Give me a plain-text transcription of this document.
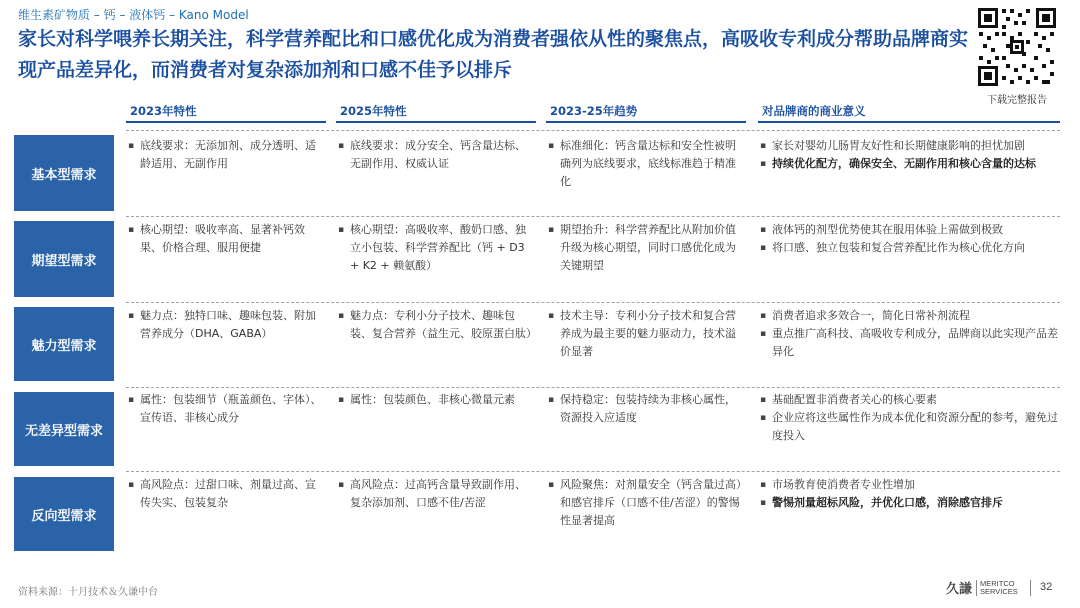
维生素矿物质 – 钙 – 液体钙 – Kano Model
家长对科学喂养长期关注，科学营养配比和口感优化成为消费者强依从性的聚焦点，高吸收专利成分帮助品牌商实现产品差异化，而消费者对复杂添加剂和口感不佳予以排斥
下载完整报告
2023年特性	2025年特性	2023-25年趋势	对品牌商的商业意义
基本型需求
▪ 底线要求：无添加剂、成分透明、适龄适用、无副作用
▪ 底线要求：成分安全、钙含量达标、无副作用、权威认证
▪ 标准细化：钙含量达标和安全性被明确列为底线要求，底线标准趋于精准化
▪ 家长对婴幼儿肠胃友好性和长期健康影响的担忧加剧
▪ 持续优化配方，确保安全、无副作用和核心含量的达标
期望型需求
▪ 核心期望：吸收率高、显著补钙效果、价格合理、服用便捷
▪ 核心期望：高吸收率、酸奶口感、独立小包装、科学营养配比（钙 + D3 + K2 + 赖氨酸）
▪ 期望抬升：科学营养配比从附加价值升级为核心期望，同时口感优化成为关键期望
▪ 液体钙的剂型优势使其在服用体验上需做到极致
▪ 将口感、独立包装和复合营养配比作为核心优化方向
魅力型需求
▪ 魅力点：独特口味、趣味包装、附加营养成分（DHA、GABA）
▪ 魅力点：专利小分子技术、趣味包装、复合营养（益生元、胶原蛋白肽）
▪ 技术主导：专利小分子技术和复合营养成为最主要的魅力驱动力，技术溢价显著
▪ 消费者追求多效合一，简化日常补剂流程
▪ 重点推广高科技、高吸收专利成分，品牌商以此实现产品差异化
无差异型需求
▪ 属性：包装细节（瓶盖颜色、字体）、宣传语、非核心成分
▪ 属性：包装颜色、非核心微量元素
▪	保持稳定：包装持续为非核心属性，资源投入应适度
▪ 基础配置非消费者关心的核心要素
▪ 企业应将这些属性作为成本优化和资源分配的参考，避免过度投入
反向型需求
▪ 高风险点：过甜口味、剂量过高、宣传失实、包装复杂
▪ 高风险点：过高钙含量导致副作用、复杂添加剂、口感不佳/苦涩
▪ 风险聚焦：对剂量安全（钙含量过高）和感官排斥（口感不佳/苦涩）的警惕性显著提高
▪ 市场教育使消费者专业性增加
▪ 警惕剂量超标风险，并优化口感，消除感官排斥
资料来源：十月技术＆久谦中台	久謙	MERITCO
SERVICES 32
